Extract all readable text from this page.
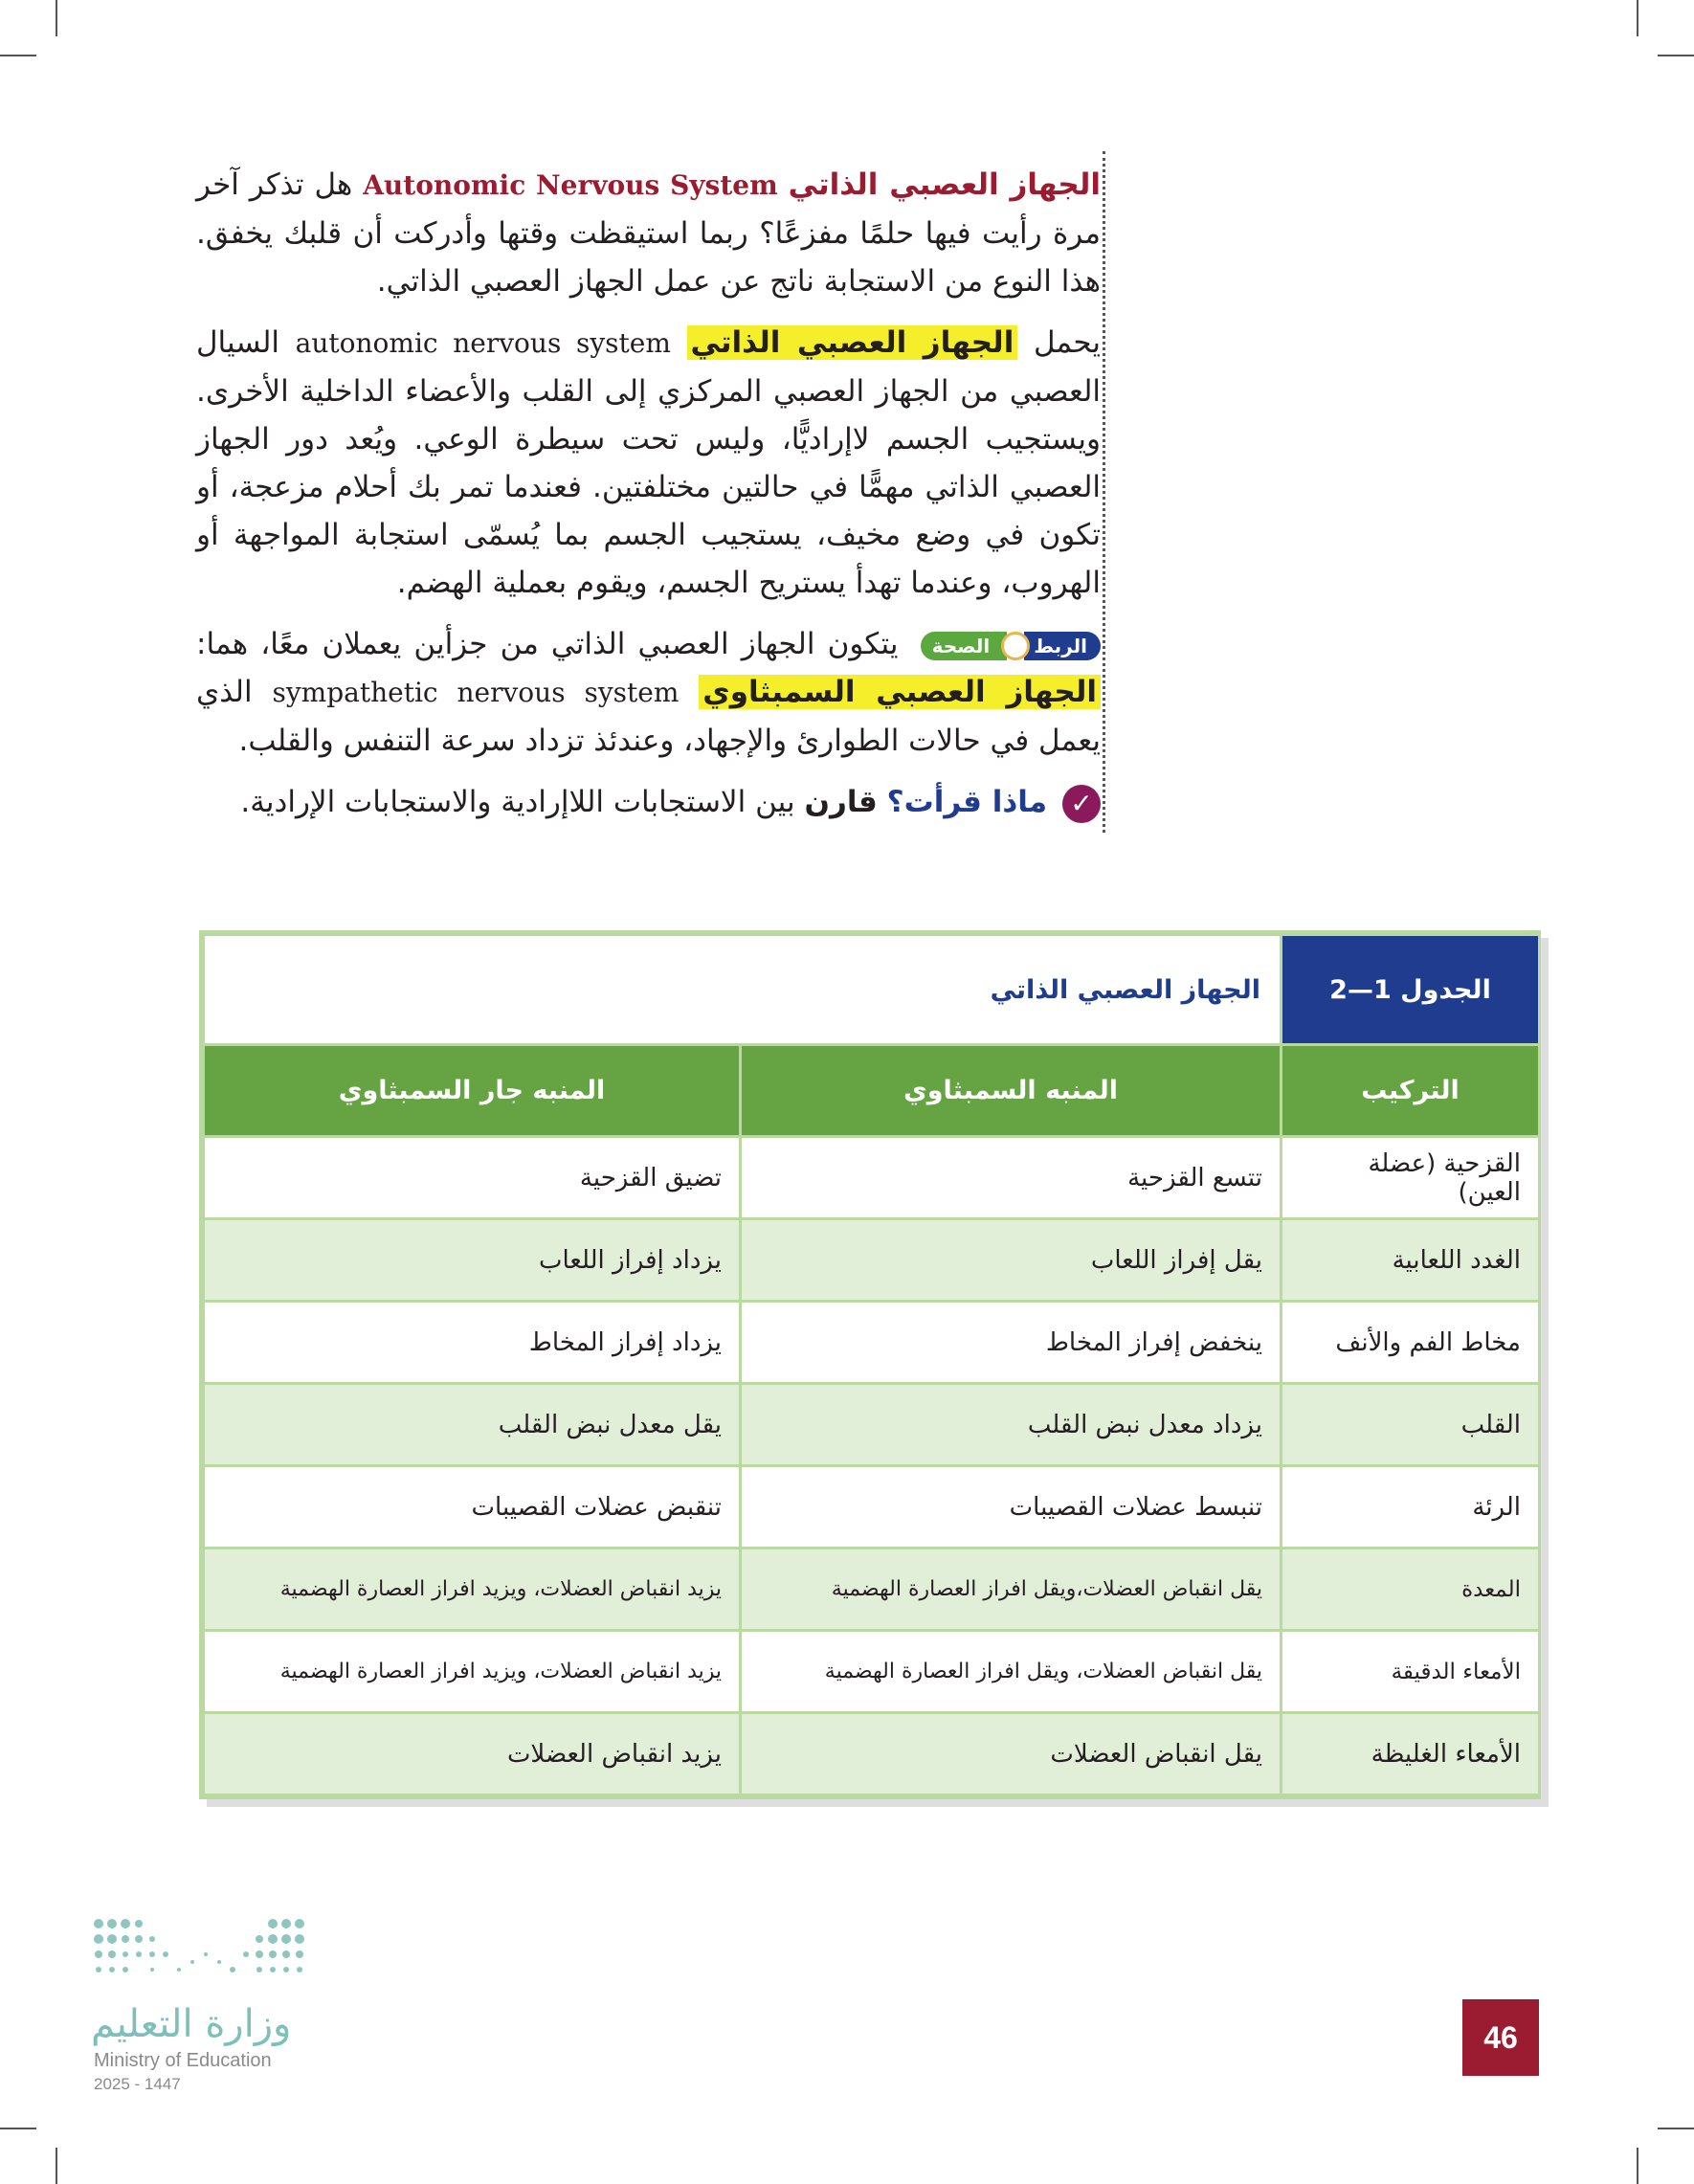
الجهاز العصبي الذاتي Autonomic Nervous System هل تذكر آخر مرة رأيت فيها حلمًا مفزعًا؟ ربما استيقظت وقتها وأدركت أن قلبك يخفق. هذا النوع من الاستجابة ناتج عن عمل الجهاز العصبي الذاتي.

يحمل الجهاز العصبي الذاتي autonomic nervous system السيال العصبي من الجهاز العصبي المركزي إلى القلب والأعضاء الداخلية الأخرى. ويستجيب الجسم لاإراديًّا، وليس تحت سيطرة الوعي. ويُعد دور الجهاز العصبي الذاتي مهمًّا في حالتين مختلفتين. فعندما تمر بك أحلام مزعجة، أو تكون في وضع مخيف، يستجيب الجسم بما يُسمّى استجابة المواجهة أو الهروب، وعندما تهدأ يستريح الجسم، ويقوم بعملية الهضم.

الربط
الصحة
يتكون الجهاز العصبي الذاتي من جزأين يعملان معًا، هما: الجهاز العصبي السمبثاوي sympathetic nervous system الذي يعمل في حالات الطوارئ والإجهاد، وعندئذ تزداد سرعة التنفس والقلب.

✓ ماذا قرأت؟ قارن بين الاستجابات اللاإرادية والاستجابات الإرادية.

الجدول 1—2	الجهاز العصبي الذاتي	
التركيب	المنبه السمبثاوي	المنبه جار السمبثاوي
القزحية (عضلة العين)	تتسع القزحية	تضيق القزحية
الغدد اللعابية	يقل إفراز اللعاب	يزداد إفراز اللعاب
مخاط الفم والأنف	ينخفض إفراز المخاط	يزداد إفراز المخاط
القلب	يزداد معدل نبض القلب	يقل معدل نبض القلب
الرئة	تنبسط عضلات القصيبات	تنقبض عضلات القصيبات
المعدة	يقل انقباض العضلات،ويقل افراز العصارة الهضمية	يزيد انقباض العضلات، ويزيد افراز العصارة الهضمية
الأمعاء الدقيقة	يقل انقباض العضلات، ويقل افراز العصارة الهضمية	يزيد انقباض العضلات، ويزيد افراز العصارة الهضمية
الأمعاء الغليظة	يقل انقباض العضلات	يزيد انقباض العضلات
وزارة التعليم
Ministry of Education
2025 - 1447
46
